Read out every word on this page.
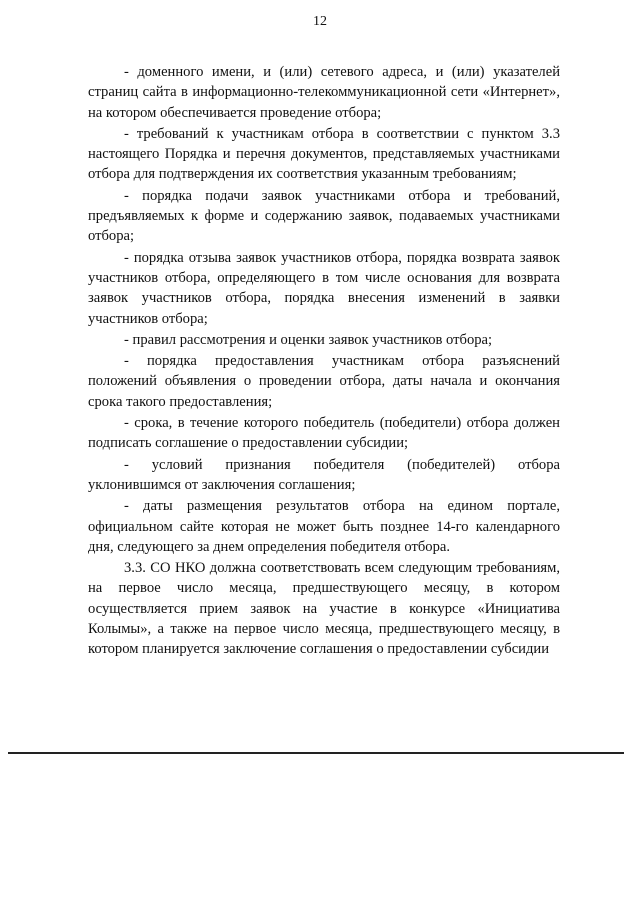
12

- доменного имени, и (или) сетевого адреса, и (или) указателей страниц сайта в информационно-телекоммуникационной сети «Интернет», на котором обеспечивается проведение отбора;

- требований к участникам отбора в соответствии с пунктом 3.3 настоящего Порядка и перечня документов, представляемых участниками отбора для подтверждения их соответствия указанным требованиям;

- порядка подачи заявок участниками отбора и требований, предъявляемых к форме и содержанию заявок, подаваемых участниками отбора;

- порядка отзыва заявок участников отбора, порядка возврата заявок участников отбора, определяющего в том числе основания для возврата заявок участников отбора, порядка внесения изменений в заявки участников отбора;

- правил рассмотрения и оценки заявок участников отбора;

- порядка предоставления участникам отбора разъяснений положений объявления о проведении отбора, даты начала и окончания срока такого предоставления;

- срока, в течение которого победитель (победители) отбора должен подписать соглашение о предоставлении субсидии;

- условий признания победителя (победителей) отбора уклонившимся от заключения соглашения;

- даты размещения результатов отбора на едином портале, официальном сайте которая не может быть позднее 14-го календарного дня, следующего за днем определения победителя отбора.

3.3. СО НКО должна соответствовать всем следующим требованиям, на первое число месяца, предшествующего месяцу, в котором осуществляется прием заявок на участие в конкурсе «Инициатива Колымы», а также на первое число месяца, предшествующего месяцу, в котором планируется заключение соглашения о предоставлении субсидии
